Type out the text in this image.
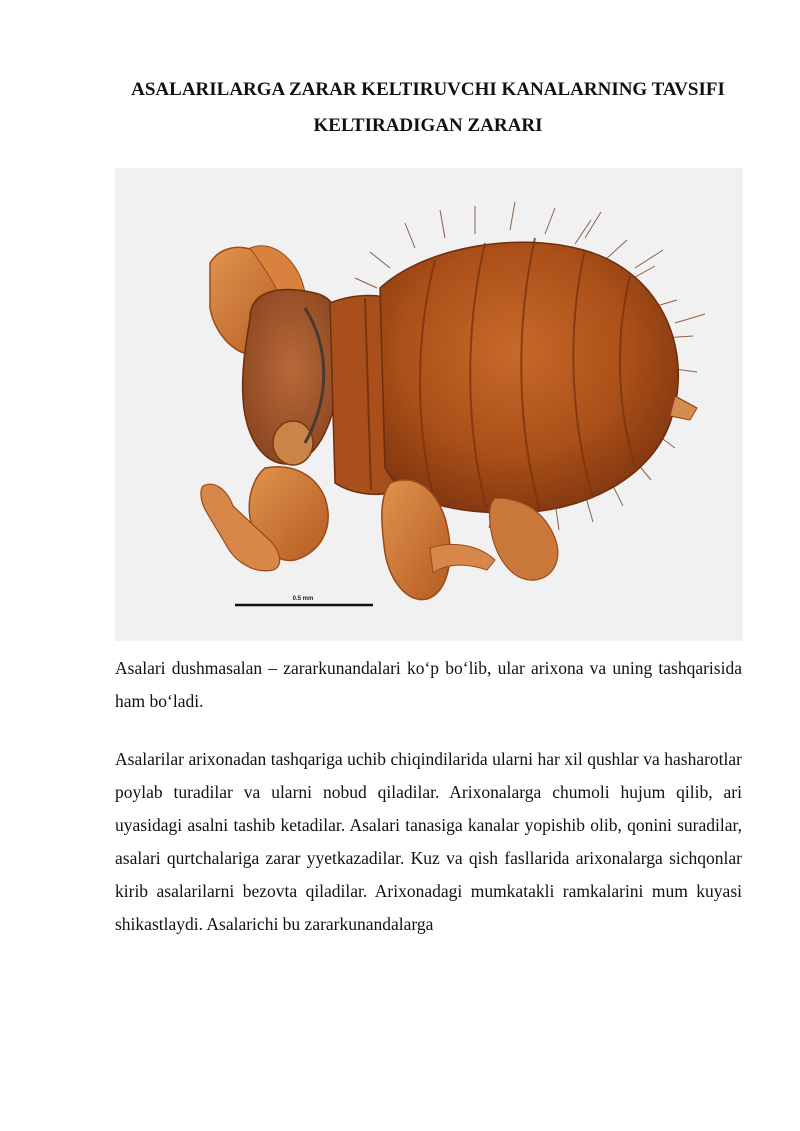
ASALARILARGA ZARAR KELTIRUVCHI KANALARNING TAVSIFI KELTIRADIGAN ZARARI
0.5 mm

Asalari dushmasalan – zararkunandalari koʻp boʻlib, ular arixona va uning tashqarisida ham boʻladi.

Asalarilar arixonadan tashqariga uchib chiqindilarida ularni har xil qushlar va hasharotlar poylab turadilar va ularni nobud qiladilar. Arixonalarga chumoli hujum qilib, ari uyasidagi asalni tashib ketadilar. Asalari tanasiga kanalar yopishib olib, qonini suradilar, asalari qurtchalariga zarar yyetkazadilar. Kuz va qish fasllarida arixonalarga sichqonlar kirib asalarilarni bezovta qiladilar. Arixonadagi mumkatakli ramkalarini mum kuyasi shikastlaydi. Asalarichi bu zararkunandalarga
